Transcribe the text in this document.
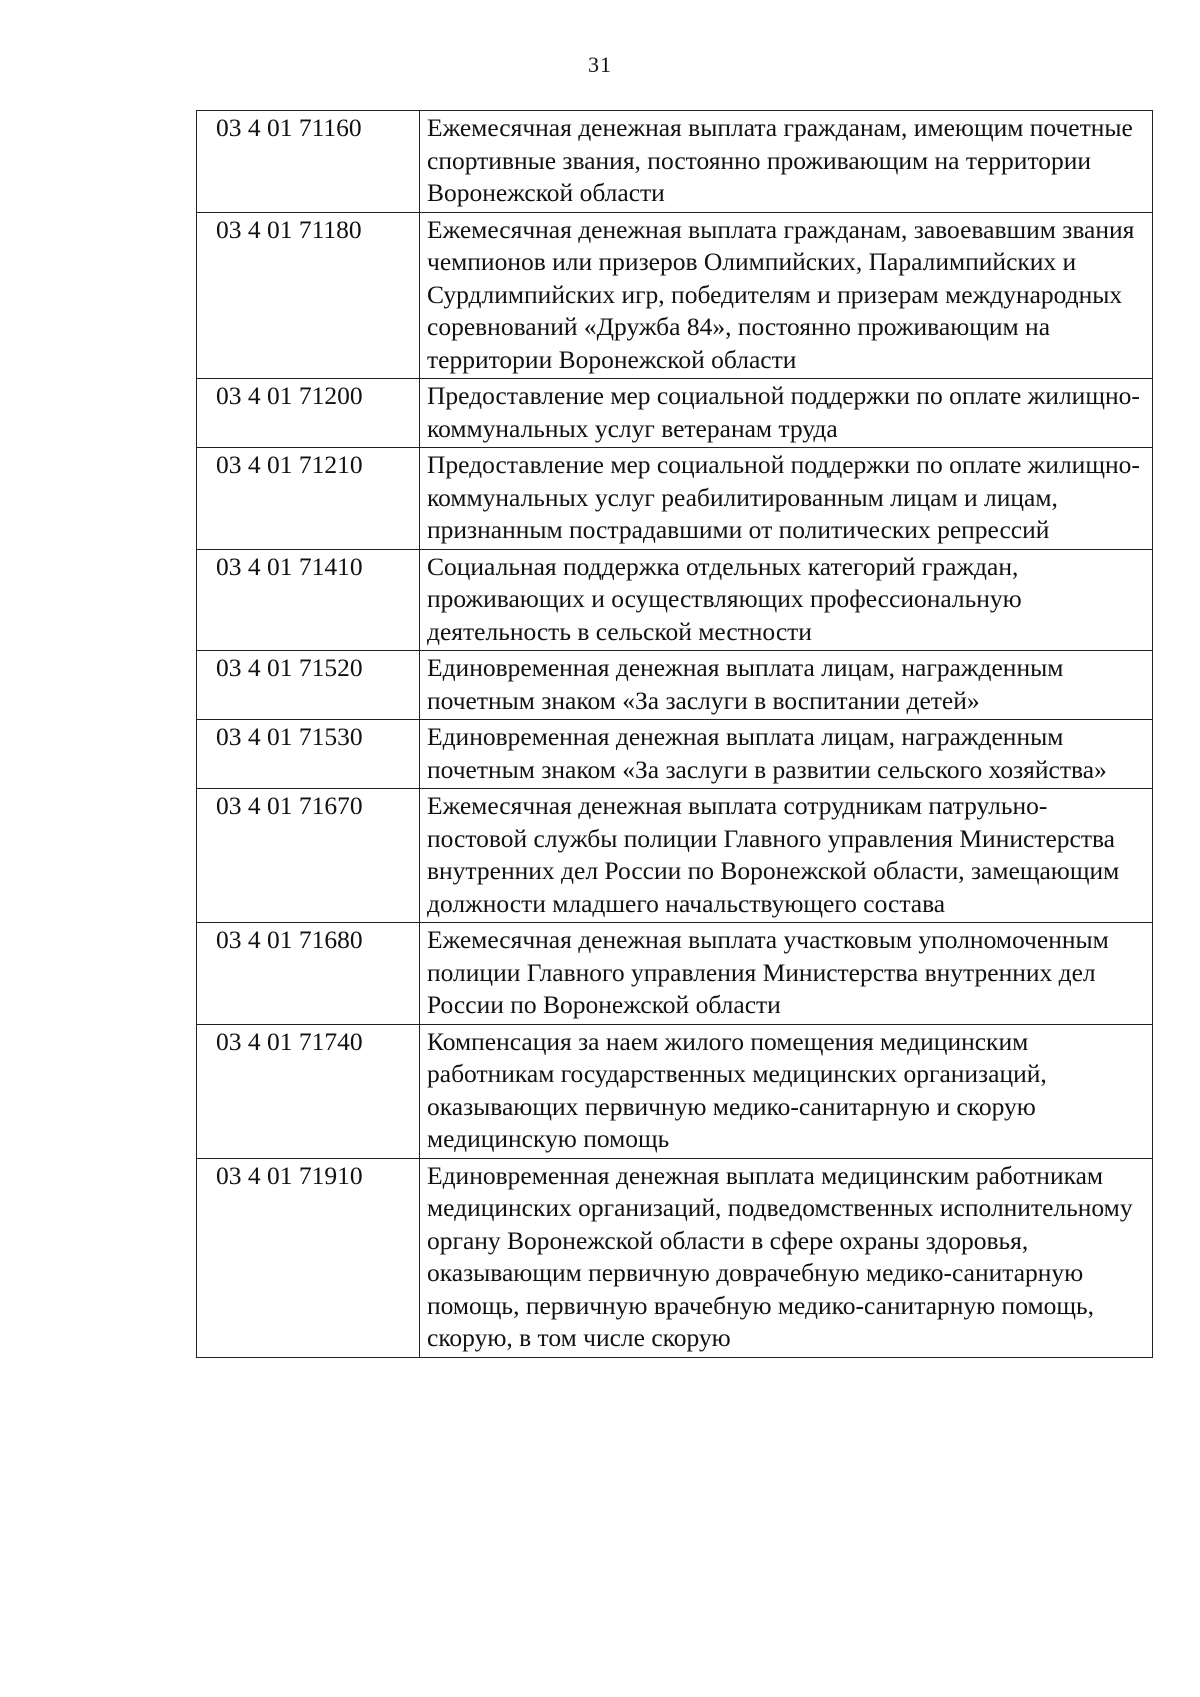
31
03 4 01 71160	Ежемесячная денежная выплата гражданам, имеющим почетные спортивные звания, постоянно проживающим на территории Воронежской области
03 4 01 71180	Ежемесячная денежная выплата гражданам, завоевавшим звания чемпионов или призеров Олимпийских, Паралимпийских и Сурдлимпийских игр, победителям и призерам международных соревнований «Дружба 84», постоянно проживающим на территории Воронежской области
03 4 01 71200	Предоставление мер социальной поддержки по оплате жилищно-коммунальных услуг ветеранам труда
03 4 01 71210	Предоставление мер социальной поддержки по оплате жилищно-коммунальных услуг реабилитированным лицам и лицам, признанным пострадавшими от политических репрессий
03 4 01 71410	Социальная поддержка отдельных категорий граждан, проживающих и осуществляющих профессиональную деятельность в сельской местности
03 4 01 71520	Единовременная денежная выплата лицам, награжденным почетным знаком «За заслуги в воспитании детей»
03 4 01 71530	Единовременная денежная выплата лицам, награжденным почетным знаком «За заслуги в развитии сельского хозяйства»
03 4 01 71670	Ежемесячная денежная выплата сотрудникам патрульно-постовой службы полиции Главного управления Министерства внутренних дел России по Воронежской области, замещающим должности младшего начальствующего состава
03 4 01 71680	Ежемесячная денежная выплата участковым уполномоченным полиции Главного управления Министерства внутренних дел России по Воронежской области
03 4 01 71740	Компенсация за наем жилого помещения медицинским работникам государственных медицинских организаций, оказывающих первичную медико-санитарную и скорую медицинскую помощь
03 4 01 71910	Единовременная денежная выплата медицинским работникам медицинских организаций, подведомственных исполнительному органу Воронежской области в сфере охраны здоровья, оказывающим первичную доврачебную медико-санитарную помощь, первичную врачебную медико-санитарную помощь, скорую, в том числе скорую
